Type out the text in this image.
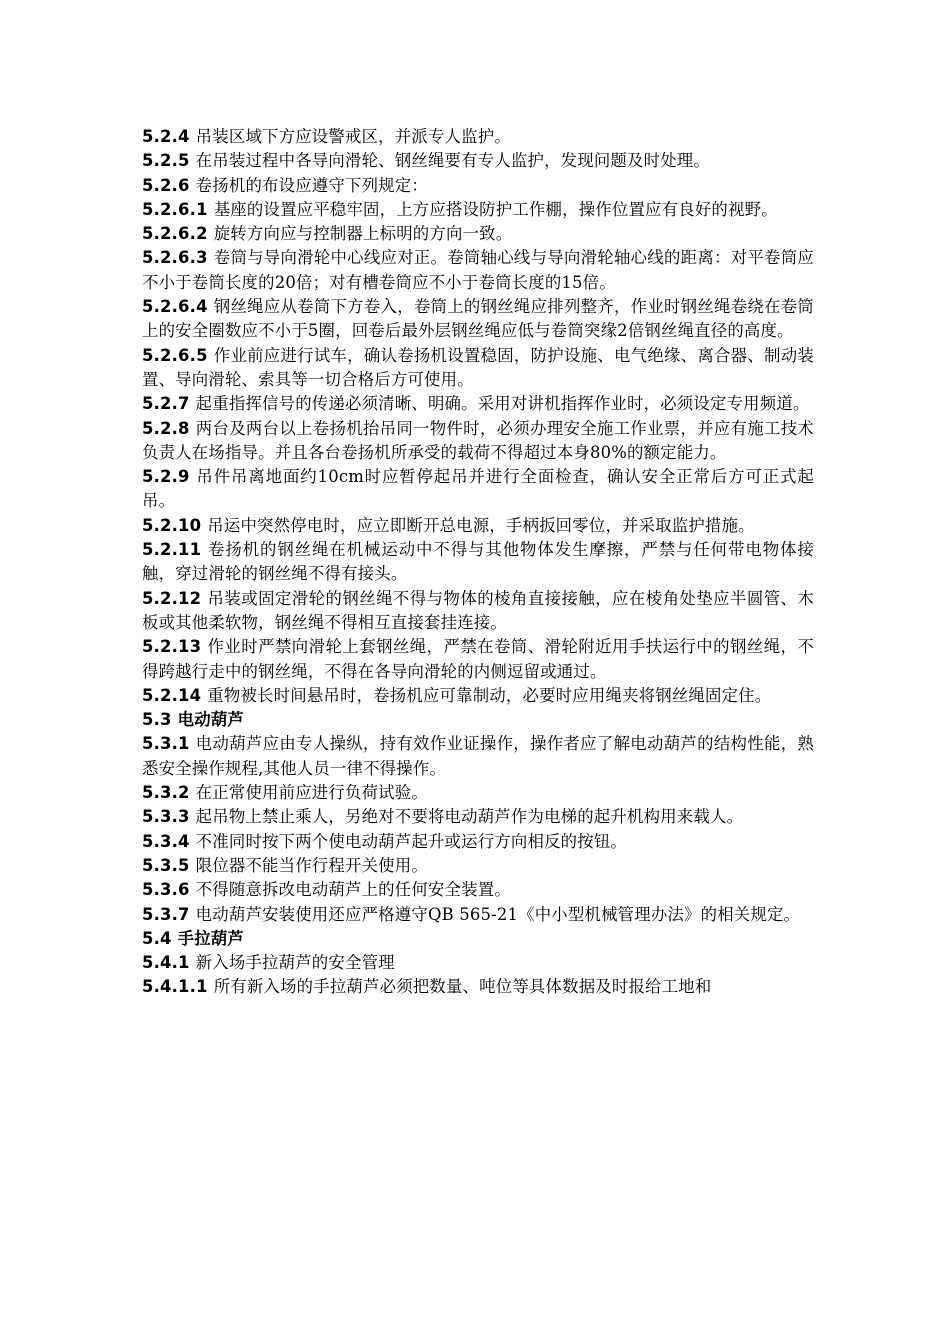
5.2.4 吊装区域下方应设警戒区，并派专人监护。
5.2.5 在吊装过程中各导向滑轮、钢丝绳要有专人监护，发现问题及时处理。
5.2.6 卷扬机的布设应遵守下列规定：
5.2.6.1 基座的设置应平稳牢固，上方应搭设防护工作棚，操作位置应有良好的视野。
5.2.6.2 旋转方向应与控制器上标明的方向一致。
5.2.6.3 卷筒与导向滑轮中心线应对正。卷筒轴心线与导向滑轮轴心线的距离：对平卷筒应不小于卷筒长度的20倍；对有槽卷筒应不小于卷筒长度的15倍。
5.2.6.4 钢丝绳应从卷筒下方卷入，卷筒上的钢丝绳应排列整齐，作业时钢丝绳卷绕在卷筒上的安全圈数应不小于5圈，回卷后最外层钢丝绳应低与卷筒突缘2倍钢丝绳直径的高度。
5.2.6.5 作业前应进行试车，确认卷扬机设置稳固，防护设施、电气绝缘、离合器、制动装置、导向滑轮、索具等一切合格后方可使用。
5.2.7 起重指挥信号的传递必须清晰、明确。采用对讲机指挥作业时，必须设定专用频道。
5.2.8 两台及两台以上卷扬机抬吊同一物件时，必须办理安全施工作业票，并应有施工技术负责人在场指导。并且各台卷扬机所承受的载荷不得超过本身80%的额定能力。
5.2.9 吊件吊离地面约10cm时应暂停起吊并进行全面检查，确认安全正常后方可正式起吊。
5.2.10 吊运中突然停电时，应立即断开总电源，手柄扳回零位，并采取监护措施。
5.2.11 卷扬机的钢丝绳在机械运动中不得与其他物体发生摩擦，严禁与任何带电物体接触，穿过滑轮的钢丝绳不得有接头。
5.2.12 吊装或固定滑轮的钢丝绳不得与物体的棱角直接接触，应在棱角处垫应半圆管、木板或其他柔软物，钢丝绳不得相互直接套挂连接。
5.2.13 作业时严禁向滑轮上套钢丝绳，严禁在卷筒、滑轮附近用手扶运行中的钢丝绳，不得跨越行走中的钢丝绳，不得在各导向滑轮的内侧逗留或通过。
5.2.14 重物被长时间悬吊时，卷扬机应可靠制动，必要时应用绳夹将钢丝绳固定住。
5.3 电动葫芦
5.3.1 电动葫芦应由专人操纵，持有效作业证操作，操作者应了解电动葫芦的结构性能，熟悉安全操作规程,其他人员一律不得操作。
5.3.2 在正常使用前应进行负荷试验。
5.3.3 起吊物上禁止乘人，另绝对不要将电动葫芦作为电梯的起升机构用来载人。
5.3.4 不准同时按下两个使电动葫芦起升或运行方向相反的按钮。
5.3.5 限位器不能当作行程开关使用。
5.3.6 不得随意拆改电动葫芦上的任何安全装置。
5.3.7 电动葫芦安装使用还应严格遵守QB 565-21《中小型机械管理办法》的相关规定。
5.4 手拉葫芦
5.4.1 新入场手拉葫芦的安全管理
5.4.1.1 所有新入场的手拉葫芦必须把数量、吨位等具体数据及时报给工地和
